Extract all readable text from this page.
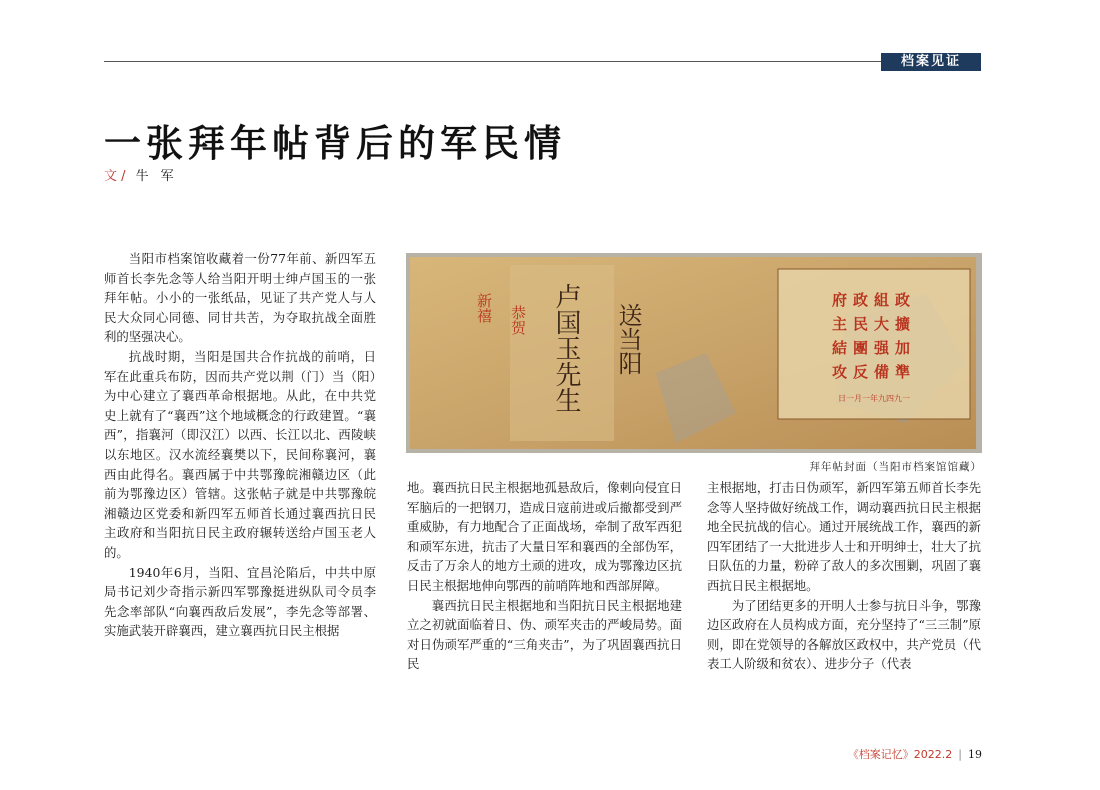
档案见证
一张拜年帖背后的军民情
文 / 牛军

当阳市档案馆收藏着一份77年前、新四军五师首长李先念等人给当阳开明士绅卢国玉的一张拜年帖。小小的一张纸品，见证了共产党人与人民大众同心同德、同甘共苦，为夺取抗战全面胜利的坚强决心。

抗战时期，当阳是国共合作抗战的前哨，日军在此重兵布防，因而共产党以荆（门）当（阳）为中心建立了襄西革命根据地。从此，在中共党史上就有了“襄西”这个地域概念的行政建置。“襄西”，指襄河（即汉江）以西、长江以北、西陵峡以东地区。汉水流经襄樊以下，民间称襄河，襄西由此得名。襄西属于中共鄂豫皖湘赣边区（此前为鄂豫边区）管辖。这张帖子就是中共鄂豫皖湘赣边区党委和新四军五师首长通过襄西抗日民主政府和当阳抗日民主政府辗转送给卢国玉老人的。

1940年6月，当阳、宜昌沦陷后，中共中原局书记刘少奇指示新四军鄂豫挺进纵队司令员李先念率部队“向襄西敌后发展”，李先念等部署、实施武装开辟襄西，建立襄西抗日民主根据

新禧 恭贺 卢国玉先生 送当阳
府政組政
主民大擴
結團强加
攻反備準
日一月一年九四九一
拜年帖封面（当阳市档案馆馆藏）

地。襄西抗日民主根据地孤悬敌后，像刺向侵宜日军脑后的一把钢刀，造成日寇前进或后撤都受到严重威胁，有力地配合了正面战场，牵制了敌军西犯和顽军东进，抗击了大量日军和襄西的全部伪军，反击了万余人的地方土顽的进攻，成为鄂豫边区抗日民主根据地伸向鄂西的前哨阵地和西部屏障。

襄西抗日民主根据地和当阳抗日民主根据地建立之初就面临着日、伪、顽军夹击的严峻局势。面对日伪顽军严重的“三角夹击”，为了巩固襄西抗日民

主根据地，打击日伪顽军，新四军第五师首长李先念等人坚持做好统战工作，调动襄西抗日民主根据地全民抗战的信心。通过开展统战工作，襄西的新四军团结了一大批进步人士和开明绅士，壮大了抗日队伍的力量，粉碎了敌人的多次围剿，巩固了襄西抗日民主根据地。

为了团结更多的开明人士参与抗日斗争，鄂豫边区政府在人员构成方面，充分坚持了“三三制”原则，即在党领导的各解放区政权中，共产党员（代表工人阶级和贫农）、进步分子（代表

《档案记忆》2022.2 | 19
